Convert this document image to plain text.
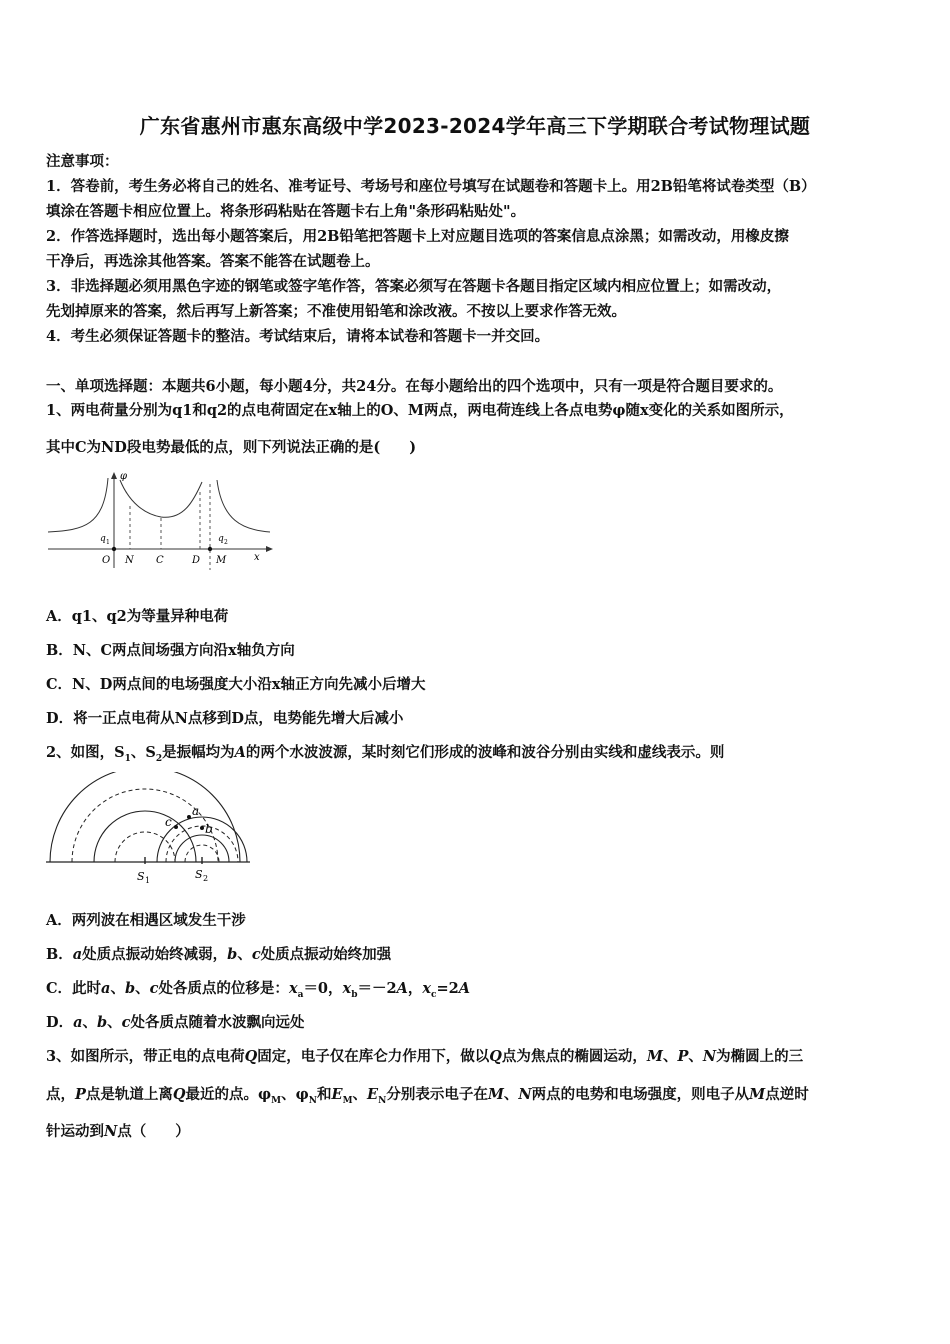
广东省惠州市惠东高级中学2023-2024学年高三下学期联合考试物理试题
注意事项：
1．答卷前，考生务必将自己的姓名、准考证号、考场号和座位号填写在试题卷和答题卡上。用2B铅笔将试卷类型（B）
填涂在答题卡相应位置上。将条形码粘贴在答题卡右上角"条形码粘贴处"。
2．作答选择题时，选出每小题答案后，用2B铅笔把答题卡上对应题目选项的答案信息点涂黑；如需改动，用橡皮擦
干净后，再选涂其他答案。答案不能答在试题卷上。
3．非选择题必须用黑色字迹的钢笔或签字笔作答，答案必须写在答题卡各题目指定区域内相应位置上；如需改动，
先划掉原来的答案，然后再写上新答案；不准使用铅笔和涂改液。不按以上要求作答无效。
4．考生必须保证答题卡的整洁。考试结束后，请将本试卷和答题卡一并交回。
一、单项选择题：本题共6小题，每小题4分，共24分。在每小题给出的四个选项中，只有一项是符合题目要求的。
1、两电荷量分别为q1和q2的点电荷固定在x轴上的O、M两点，两电荷连线上各点电势φ随x变化的关系如图所示，
其中C为ND段电势最低的点，则下列说法正确的是(　　)
φ
q 1	q 2
O N C	D M	x
A．q1、q2为等量异种电荷
B．N、C两点间场强方向沿x轴负方向
C．N、D两点间的电场强度大小沿x轴正方向先减小后增大
D．将一正点电荷从N点移到D点，电势能先增大后减小
2、如图，$S_1$、$S_2$是振幅均为A的两个水波波源，某时刻它们形成的波峰和波谷分别由实线和虚线表示。则
a
b
c
S 1	S 2
A．两列波在相遇区域发生干涉
B．a处质点振动始终减弱，b、c处质点振动始终加强
C．此时a、b、c处各质点的位移是：$x_a=0$，$x_b=-2A$，$x_c=2A$
D．a、b、c处各质点随着水波飘向远处
3、如图所示，带正电的点电荷Q固定，电子仅在库仑力作用下，做以Q点为焦点的椭圆运动，M、P、N为椭圆上的三
点，P点是轨道上离Q最近的点。$\varphi_M$、$\varphi_N$和$E_M$、$E_N$分别表示电子在M、N两点的电势和电场强度，则电子从M点逆时
针运动到N点（　　）
